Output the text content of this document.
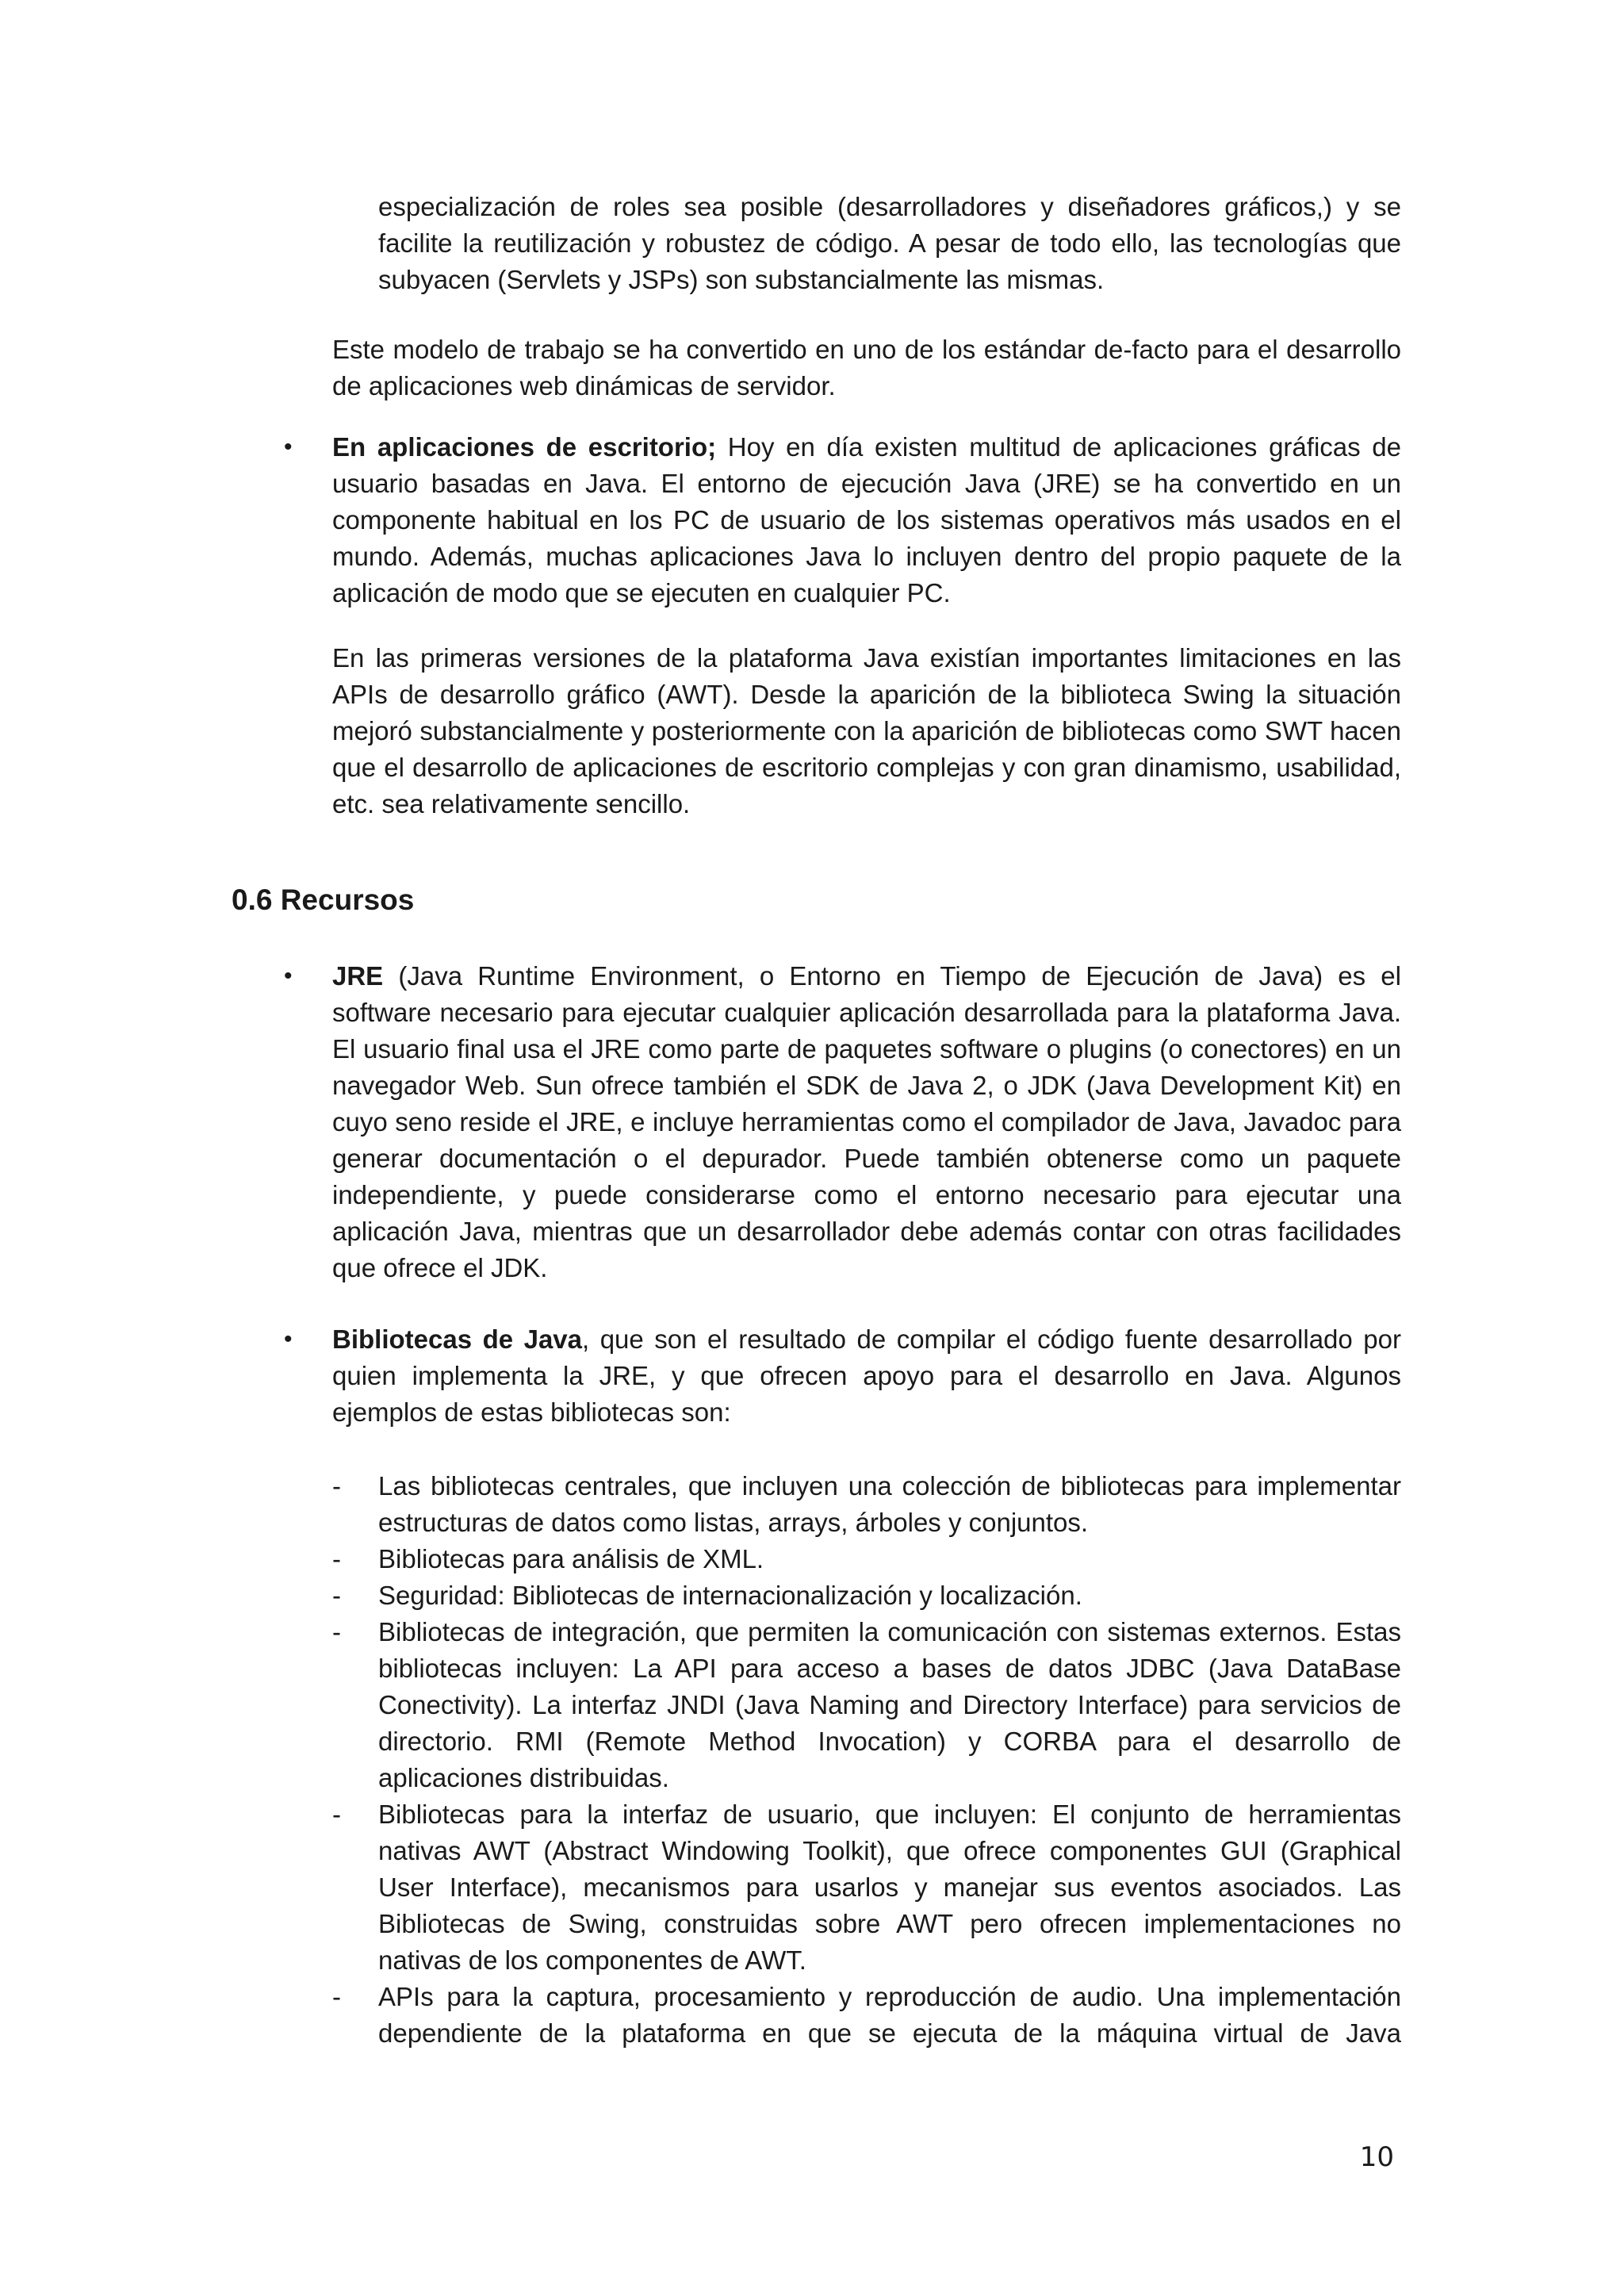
especialización de roles sea posible (desarrolladores y diseñadores gráficos,) y se facilite la reutilización y robustez de código. A pesar de todo ello, las tecnologías que subyacen (Servlets y JSPs) son substancialmente las mismas.

Este modelo de trabajo se ha convertido en uno de los estándar de-facto para el desarrollo de aplicaciones web dinámicas de servidor.

• En aplicaciones de escritorio; Hoy en día existen multitud de aplicaciones gráficas de usuario basadas en Java. El entorno de ejecución Java (JRE) se ha convertido en un componente habitual en los PC de usuario de los sistemas operativos más usados en el mundo. Además, muchas aplicaciones Java lo incluyen dentro del propio paquete de la aplicación de modo que se ejecuten en cualquier PC.

En las primeras versiones de la plataforma Java existían importantes limitaciones en las APIs de desarrollo gráfico (AWT). Desde la aparición de la biblioteca Swing la situación mejoró substancialmente y posteriormente con la aparición de bibliotecas como SWT hacen que el desarrollo de aplicaciones de escritorio complejas y con gran dinamismo, usabilidad, etc. sea relativamente sencillo.

0.6 Recursos
• JRE (Java Runtime Environment, o Entorno en Tiempo de Ejecución de Java) es el software necesario para ejecutar cualquier aplicación desarrollada para la plataforma Java. El usuario final usa el JRE como parte de paquetes software o plugins (o conectores) en un navegador Web. Sun ofrece también el SDK de Java 2, o JDK (Java Development Kit) en cuyo seno reside el JRE, e incluye herramientas como el compilador de Java, Javadoc para generar documentación o el depurador. Puede también obtenerse como un paquete independiente, y puede considerarse como el entorno necesario para ejecutar una aplicación Java, mientras que un desarrollador debe además contar con otras facilidades que ofrece el JDK.

• Bibliotecas de Java, que son el resultado de compilar el código fuente desarrollado por quien implementa la JRE, y que ofrecen apoyo para el desarrollo en Java. Algunos ejemplos de estas bibliotecas son:

- Las bibliotecas centrales, que incluyen una colección de bibliotecas para implementar estructuras de datos como listas, arrays, árboles y conjuntos.

- Bibliotecas para análisis de XML.

- Seguridad: Bibliotecas de internacionalización y localización.

- Bibliotecas de integración, que permiten la comunicación con sistemas externos. Estas bibliotecas incluyen: La API para acceso a bases de datos JDBC (Java DataBase Conectivity). La interfaz JNDI (Java Naming and Directory Interface) para servicios de directorio. RMI (Remote Method Invocation) y CORBA para el desarrollo de aplicaciones distribuidas.

- Bibliotecas para la interfaz de usuario, que incluyen: El conjunto de herramientas nativas AWT (Abstract Windowing Toolkit), que ofrece componentes GUI (Graphical User Interface), mecanismos para usarlos y manejar sus eventos asociados. Las Bibliotecas de Swing, construidas sobre AWT pero ofrecen implementaciones no nativas de los componentes de AWT.

- APIs para la captura, procesamiento y reproducción de audio. Una implementación dependiente de la plataforma en que se ejecuta de la máquina virtual de Java

10
